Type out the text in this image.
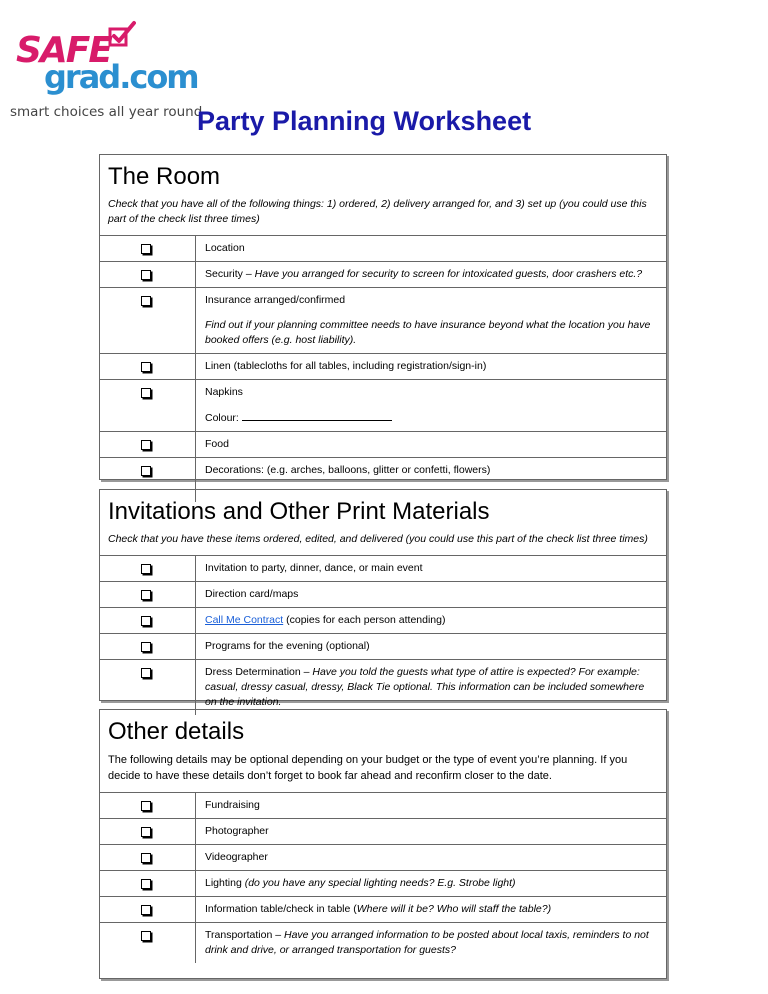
SAFE
grad.com
smart choices all year round
Party Planning Worksheet
The Room
Check that you have all of the following things: 1) ordered, 2) delivery arranged for, and 3) set up (you could use this part of the check list three times)

Location

Security – Have you arranged for security to screen for intoxicated guests, door crashers etc.?

Insurance arranged/confirmed

Find out if your planning committee needs to have insurance beyond what the location you have booked offers (e.g. host liability).

Linen (tablecloths for all tables, including registration/sign-in)

Napkins

Colour:

Food

Decorations: (e.g. arches, balloons, glitter or confetti, flowers)

Invitations and Other Print Materials
Check that you have these items ordered, edited, and delivered (you could use this part of the check list three times)

Invitation to party, dinner, dance, or main event

Direction card/maps

Call Me Contract (copies for each person attending)

Programs for the evening (optional)

Dress Determination – Have you told the guests what type of attire is expected? For example: casual, dressy casual, dressy, Black Tie optional. This information can be included somewhere on the invitation.

Other details
The following details may be optional depending on your budget or the type of event you’re planning. If you decide to have these details don’t forget to book far ahead and reconfirm closer to the date.

Fundraising

Photographer

Videographer

Lighting (do you have any special lighting needs? E.g. Strobe light)

Information table/check in table (Where will it be? Who will staff the table?)

Transportation – Have you arranged information to be posted about local taxis, reminders to not drink and drive, or arranged transportation for guests?
